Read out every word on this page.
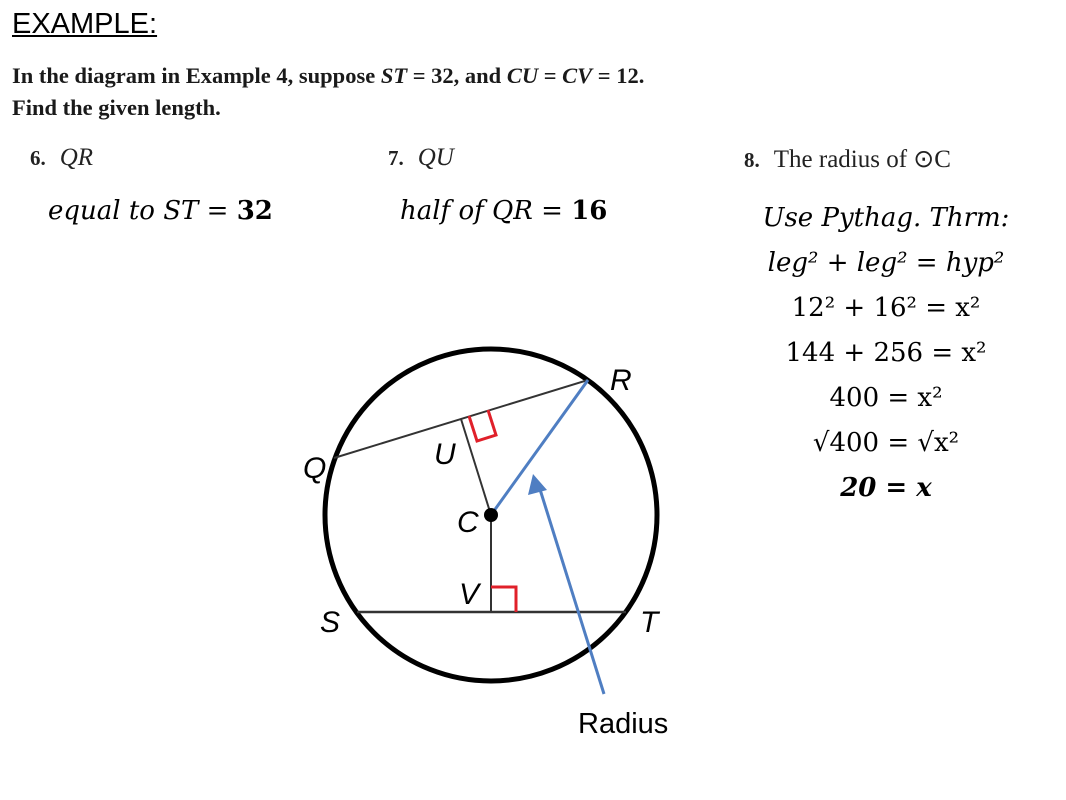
EXAMPLE:
In the diagram in Example 4, suppose ST = 32, and CU = CV = 12.
Find the given length.
6. QR	7. QU	8. The radius of ⊙C
equal to ST = 32	half of QR = 16	Use Pythag. Thrm:
leg² + leg² = hyp²
12² + 16² = x²
144 + 256 = x²
400 = x²
√400 = √x²
20 = x
Q
R
U
C
V
S	T
Radius
